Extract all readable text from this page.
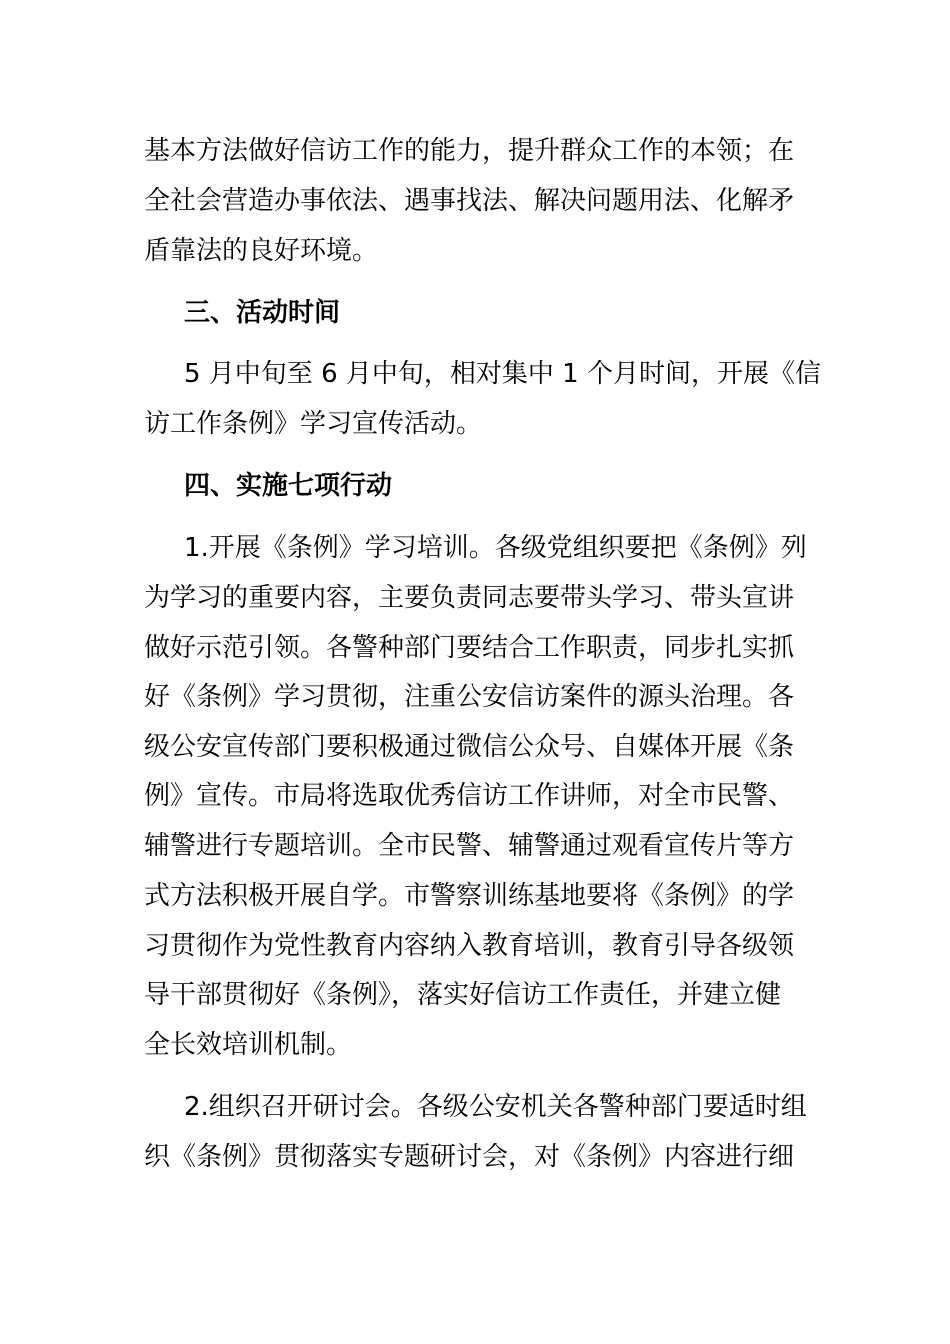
基本方法做好信访工作的能力，提升群众工作的本领；在
全社会营造办事依法、遇事找法、解决问题用法、化解矛
盾靠法的良好环境。
三、活动时间
5 月中旬至 6 月中旬，相对集中 1 个月时间，开展《信
访工作条例》学习宣传活动。
四、实施七项行动
1.开展《条例》学习培训。各级党组织要把《条例》列
为学习的重要内容，主要负责同志要带头学习、带头宣讲
做好示范引领。各警种部门要结合工作职责，同步扎实抓
好《条例》学习贯彻，注重公安信访案件的源头治理。各
级公安宣传部门要积极通过微信公众号、自媒体开展《条
例》宣传。市局将选取优秀信访工作讲师，对全市民警、
辅警进行专题培训。全市民警、辅警通过观看宣传片等方
式方法积极开展自学。市警察训练基地要将《条例》的学
习贯彻作为党性教育内容纳入教育培训，教育引导各级领
导干部贯彻好《条例》，落实好信访工作责任，并建立健
全长效培训机制。
2.组织召开研讨会。各级公安机关各警种部门要适时组
织《条例》贯彻落实专题研讨会，对《条例》内容进行细
